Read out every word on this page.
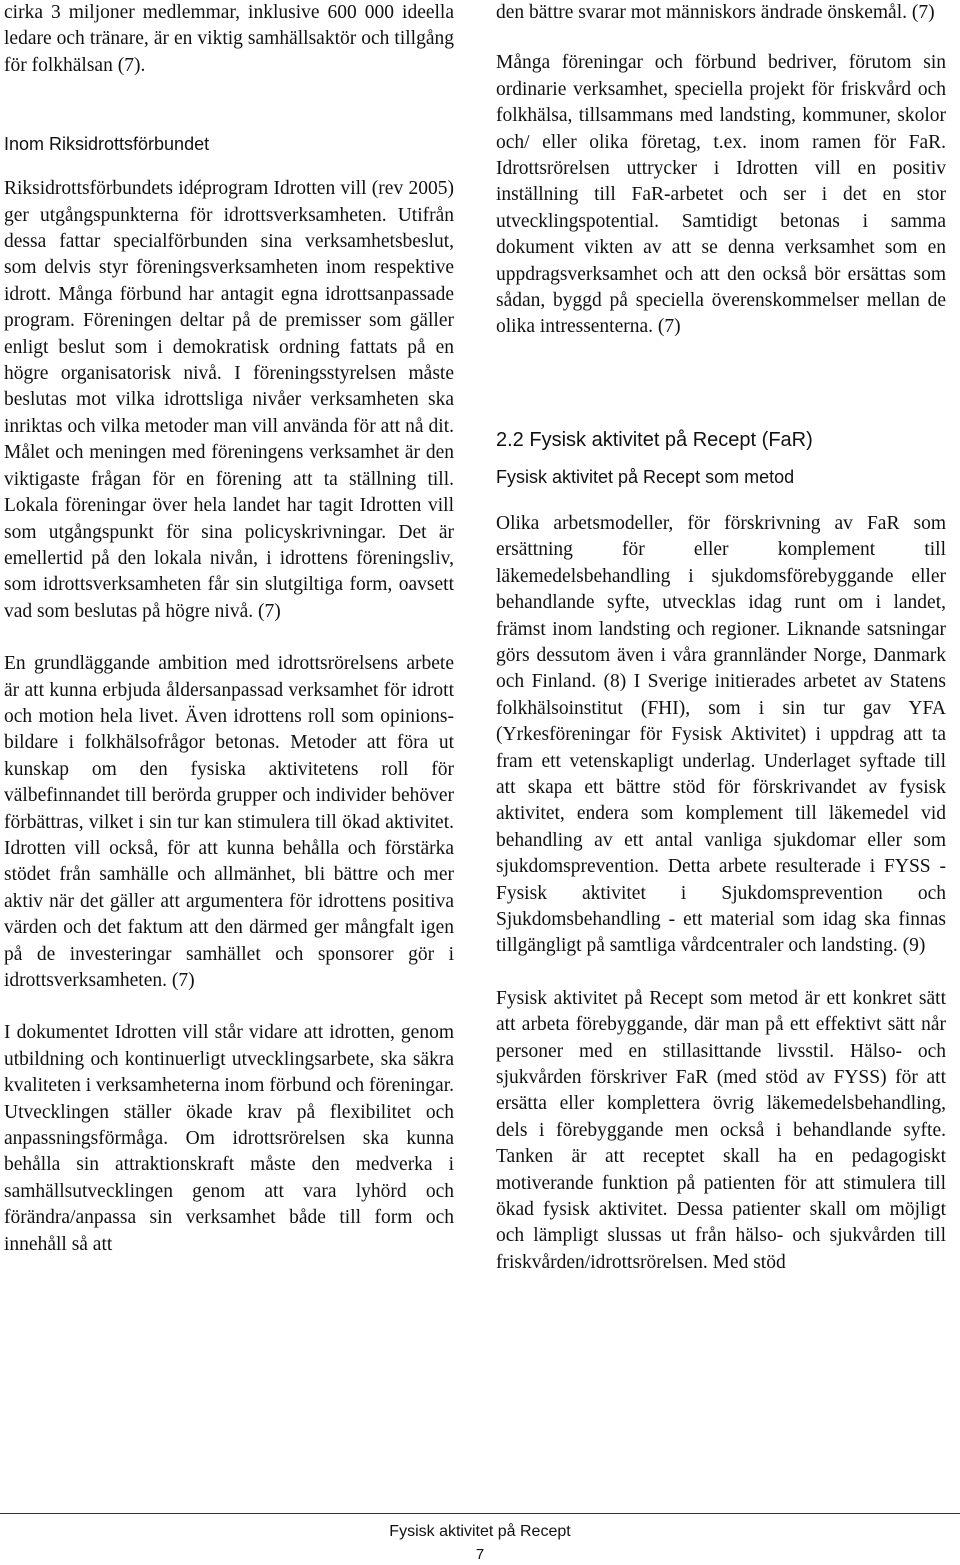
cirka 3 miljoner medlemmar, inklusive 600 000 ideella ledare och tränare, är en viktig samhällsaktör och tillgång för folkhälsan (7).

Inom Riksidrottsförbundet

Riksidrottsförbundets idéprogram Idrotten vill (rev 2005) ger utgångspunkterna för idrottsverksamheten. Utifrån dessa fattar specialförbunden sina verksamhetsbeslut, som delvis styr föreningsverksamheten inom respektive idrott. Många förbund har antagit egna idrottsanpassade program. Föreningen deltar på de premisser som gäller enligt beslut som i demokratisk ordning fattats på en högre organisatorisk nivå. I föreningsstyrelsen måste beslutas mot vilka idrottsliga nivåer verksamheten ska inriktas och vilka metoder man vill använda för att nå dit. Målet och meningen med föreningens verksamhet är den viktigaste frågan för en förening att ta ställning till. Lokala föreningar över hela landet har tagit Idrotten vill som utgångspunkt för sina policyskrivningar. Det är emellertid på den lokala nivån, i idrottens föreningsliv, som idrottsverksamheten får sin slutgiltiga form, oavsett vad som beslutas på högre nivå. (7)

En grundläggande ambition med idrottsrörelsens arbete är att kunna erbjuda åldersanpassad verksamhet för idrott och motion hela livet. Även idrottens roll som opinionsbildare i folkhälsofrågor betonas. Metoder att föra ut kunskap om den fysiska aktivitetens roll för välbefinnandet till berörda grupper och individer behöver förbättras, vilket i sin tur kan stimulera till ökad aktivitet. Idrotten vill också, för att kunna behålla och förstärka stödet från samhälle och allmänhet, bli bättre och mer aktiv när det gäller att argumentera för idrottens positiva värden och det faktum att den därmed ger mångfalt igen på de investeringar samhället och sponsorer gör i idrottsverksamheten. (7)

I dokumentet Idrotten vill står vidare att idrotten, genom utbildning och kontinuerligt utvecklingsarbete, ska säkra kvaliteten i verksamheterna inom förbund och föreningar. Utvecklingen ställer ökade krav på flexibilitet och anpassningsförmåga. Om idrottsrörelsen ska kunna behålla sin attraktionskraft måste den medverka i samhällsutvecklingen genom att vara lyhörd och förändra/anpassa sin verksamhet både till form och innehåll så att

den bättre svarar mot människors ändrade önskemål. (7)

Många föreningar och förbund bedriver, förutom sin ordinarie verksamhet, speciella projekt för friskvård och folkhälsa, tillsammans med landsting, kommuner, skolor och/ eller olika företag, t.ex. inom ramen för FaR. Idrottsrörelsen uttrycker i Idrotten vill en positiv inställning till FaR-arbetet och ser i det en stor utvecklingspotential. Samtidigt betonas i samma dokument vikten av att se denna verksamhet som en uppdragsverksamhet och att den också bör ersättas som sådan, byggd på speciella överenskommelser mellan de olika intressenterna. (7)

2.2 Fysisk aktivitet på Recept (FaR)
Fysisk aktivitet på Recept som metod

Olika arbetsmodeller, för förskrivning av FaR som ersättning för eller komplement till läkemedelsbehandling i sjukdomsförebyggande eller behandlande syfte, utvecklas idag runt om i landet, främst inom landsting och regioner. Liknande satsningar görs dessutom även i våra grannländer Norge, Danmark och Finland. (8) I Sverige initierades arbetet av Statens folkhälsoinstitut (FHI), som i sin tur gav YFA (Yrkesföreningar för Fysisk Aktivitet) i uppdrag att ta fram ett vetenskapligt underlag. Underlaget syftade till att skapa ett bättre stöd för förskrivandet av fysisk aktivitet, endera som komplement till läkemedel vid behandling av ett antal vanliga sjukdomar eller som sjukdomsprevention. Detta arbete resulterade i FYSS - Fysisk aktivitet i Sjukdomsprevention och Sjukdomsbehandling - ett material som idag ska finnas tillgängligt på samtliga vårdcentraler och landsting. (9)

Fysisk aktivitet på Recept som metod är ett konkret sätt att arbeta förebyggande, där man på ett effektivt sätt når personer med en stillasittande livsstil. Hälso- och sjukvården förskriver FaR (med stöd av FYSS) för att ersätta eller komplettera övrig läkemedelsbehandling, dels i förebyggande men också i behandlande syfte. Tanken är att receptet skall ha en pedagogiskt motiverande funktion på patienten för att stimulera till ökad fysisk aktivitet. Dessa patienter skall om möjligt och lämpligt slussas ut från hälso- och sjukvården till friskvården/idrottsrörelsen. Med stöd

Fysisk aktivitet på Recept
7
